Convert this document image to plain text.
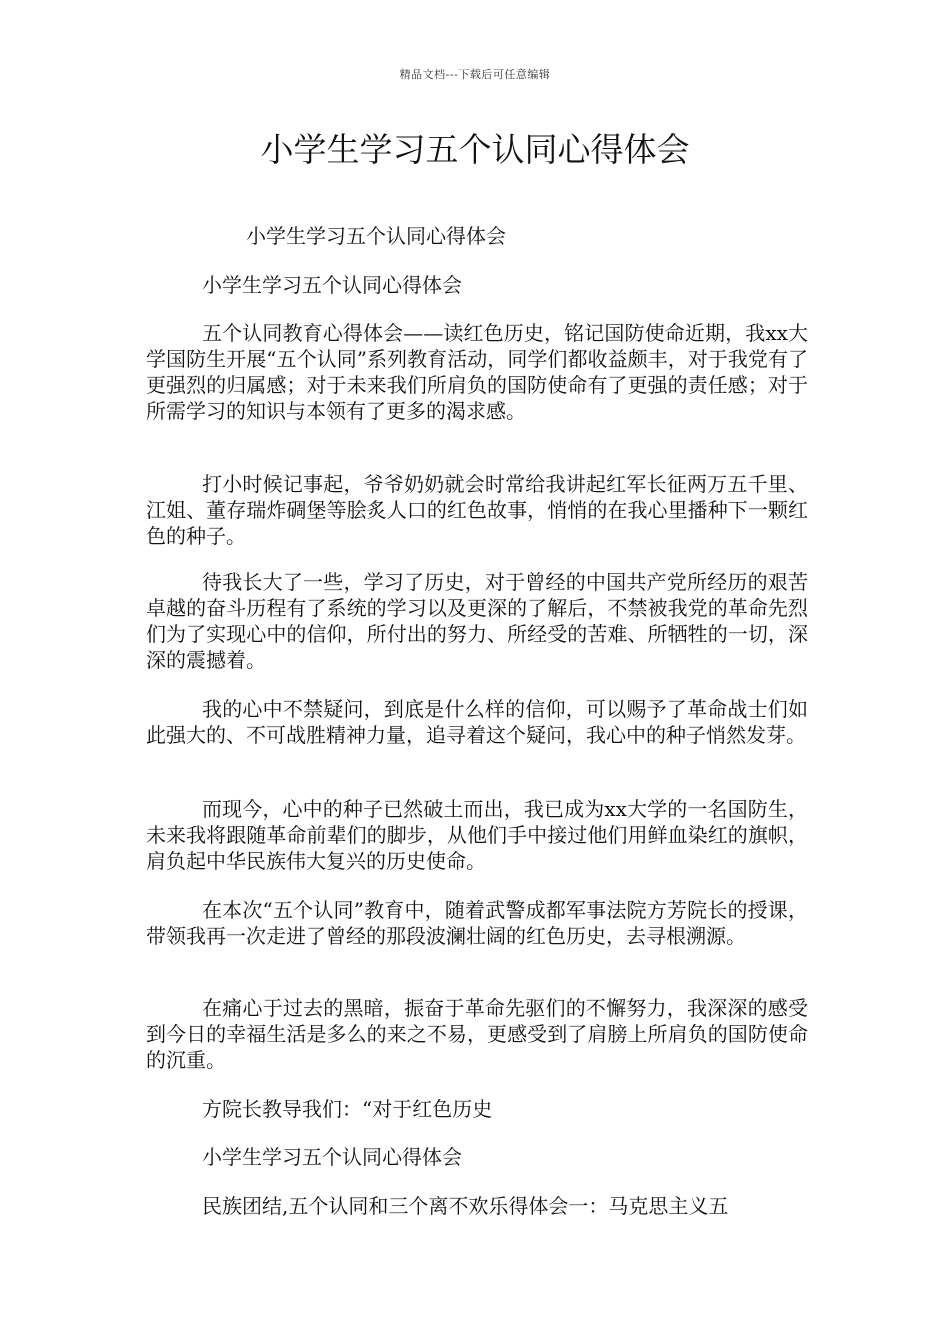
精品文档---下载后可任意编辑
小学生学习五个认同心得体会

小学生学习五个认同心得体会

小学生学习五个认同心得体会

五个认同教育心得体会——读红色历史，铭记国防使命近期，我xx大学国防生开展“五个认同”系列教育活动，同学们都收益颇丰，对于我党有了更强烈的归属感；对于未来我们所肩负的国防使命有了更强的责任感；对于所需学习的知识与本领有了更多的渴求感。

打小时候记事起，爷爷奶奶就会时常给我讲起红军长征两万五千里、江姐、董存瑞炸碉堡等脍炙人口的红色故事，悄悄的在我心里播种下一颗红色的种子。

待我长大了一些，学习了历史，对于曾经的中国共产党所经历的艰苦卓越的奋斗历程有了系统的学习以及更深的了解后，不禁被我党的革命先烈们为了实现心中的信仰，所付出的努力、所经受的苦难、所牺牲的一切，深深的震撼着。

我的心中不禁疑问，到底是什么样的信仰，可以赐予了革命战士们如此强大的、不可战胜精神力量，追寻着这个疑问，我心中的种子悄然发芽。

而现今，心中的种子已然破土而出，我已成为xx大学的一名国防生，未来我将跟随革命前辈们的脚步，从他们手中接过他们用鲜血染红的旗帜，肩负起中华民族伟大复兴的历史使命。

在本次“五个认同”教育中，随着武警成都军事法院方芳院长的授课，带领我再一次走进了曾经的那段波澜壮阔的红色历史，去寻根溯源。

在痛心于过去的黑暗，振奋于革命先驱们的不懈努力，我深深的感受到今日的幸福生活是多么的来之不易，更感受到了肩膀上所肩负的国防使命的沉重。

方院长教导我们：“对于红色历史

小学生学习五个认同心得体会

民族团结,五个认同和三个离不欢乐得体会一：马克思主义五
